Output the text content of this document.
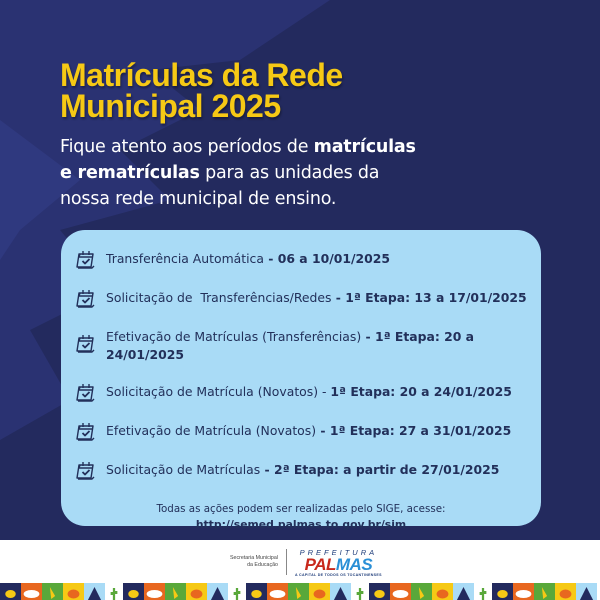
Matrículas da Rede
Municipal 2025

Fique atento aos períodos de matrículas
e rematrículas para as unidades da
nossa rede municipal de ensino.

Transferência Automática - 06 a 10/01/2025
Solicitação de  Transferências/Redes - 1ª Etapa: 13 a 17/01/2025
Efetivação de Matrículas (Transferências) - 1ª Etapa: 20 a 24/01/2025
Solicitação de Matrícula (Novatos) - 1ª Etapa: 20 a 24/01/2025
Efetivação de Matrícula (Novatos) - 1ª Etapa: 27 a 31/01/2025
Solicitação de Matrículas - 2ª Etapa: a partir de 27/01/2025
Todas as ações podem ser realizadas pelo SIGE, acesse:
http://semed.palmas.to.gov.br/sim
Secretaria Municipal
da Educação
PREFEITURA
PALMAS
A CAPITAL DE TODOS OS TOCANTINENSES
